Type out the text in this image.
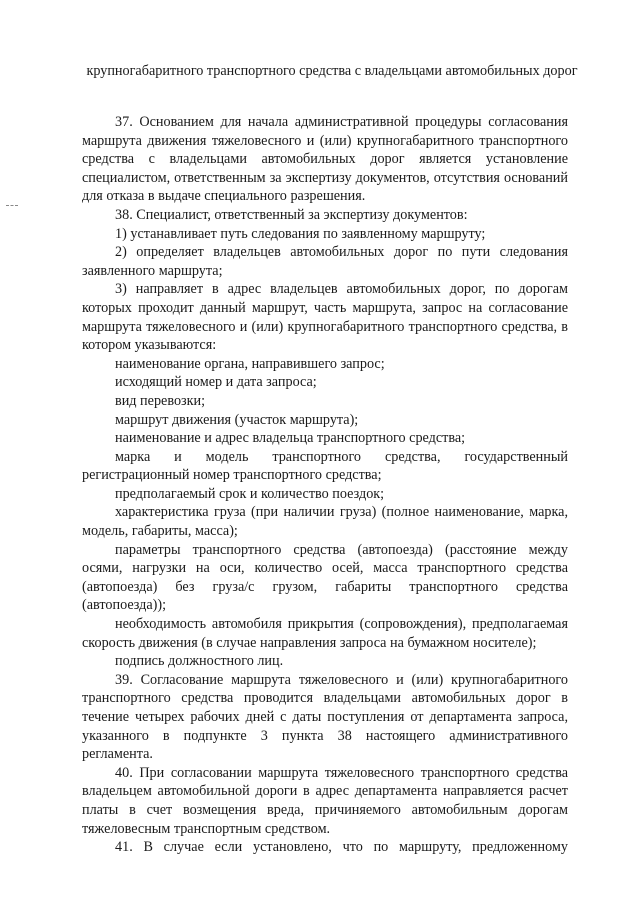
крупногабаритного транспортного средства с владельцами автомобильных дорог

37. Основанием для начала административной процедуры согласования маршрута движения тяжеловесного и (или) крупногабаритного транспортного средства с владельцами автомобильных дорог является установление специалистом, ответственным за экспертизу документов, отсутствия оснований для отказа в выдаче специального разрешения.

38. Специалист, ответственный за экспертизу документов:

1) устанавливает путь следования по заявленному маршруту;

2) определяет владельцев автомобильных дорог по пути следования заявленного маршрута;

3) направляет в адрес владельцев автомобильных дорог, по дорогам которых проходит данный маршрут, часть маршрута, запрос на согласование маршрута тяжеловесного и (или) крупногабаритного транспортного средства, в котором указываются:

наименование органа, направившего запрос;

исходящий номер и дата запроса;

вид перевозки;

маршрут движения (участок маршрута);

наименование и адрес владельца транспортного средства;

марка и модель транспортного средства, государственный регистрационный номер транспортного средства;

предполагаемый срок и количество поездок;

характеристика груза (при наличии груза) (полное наименование, марка, модель, габариты, масса);

параметры транспортного средства (автопоезда) (расстояние между осями, нагрузки на оси, количество осей, масса транспортного средства (автопоезда) без груза/с грузом, габариты транспортного средства (автопоезда));

необходимость автомобиля прикрытия (сопровождения), предполагаемая скорость движения (в случае направления запроса на бумажном носителе);

подпись должностного лиц.

39. Согласование маршрута тяжеловесного и (или) крупногабаритного транспортного средства проводится владельцами автомобильных дорог в течение четырех рабочих дней с даты поступления от департамента запроса, указанного в подпункте 3 пункта 38 настоящего административного регламента.

40. При согласовании маршрута тяжеловесного транспортного средства владельцем автомобильной дороги в адрес департамента направляется расчет платы в счет возмещения вреда, причиняемого автомобильным дорогам тяжеловесным транспортным средством.

41. В случае если установлено, что по маршруту, предложенному
